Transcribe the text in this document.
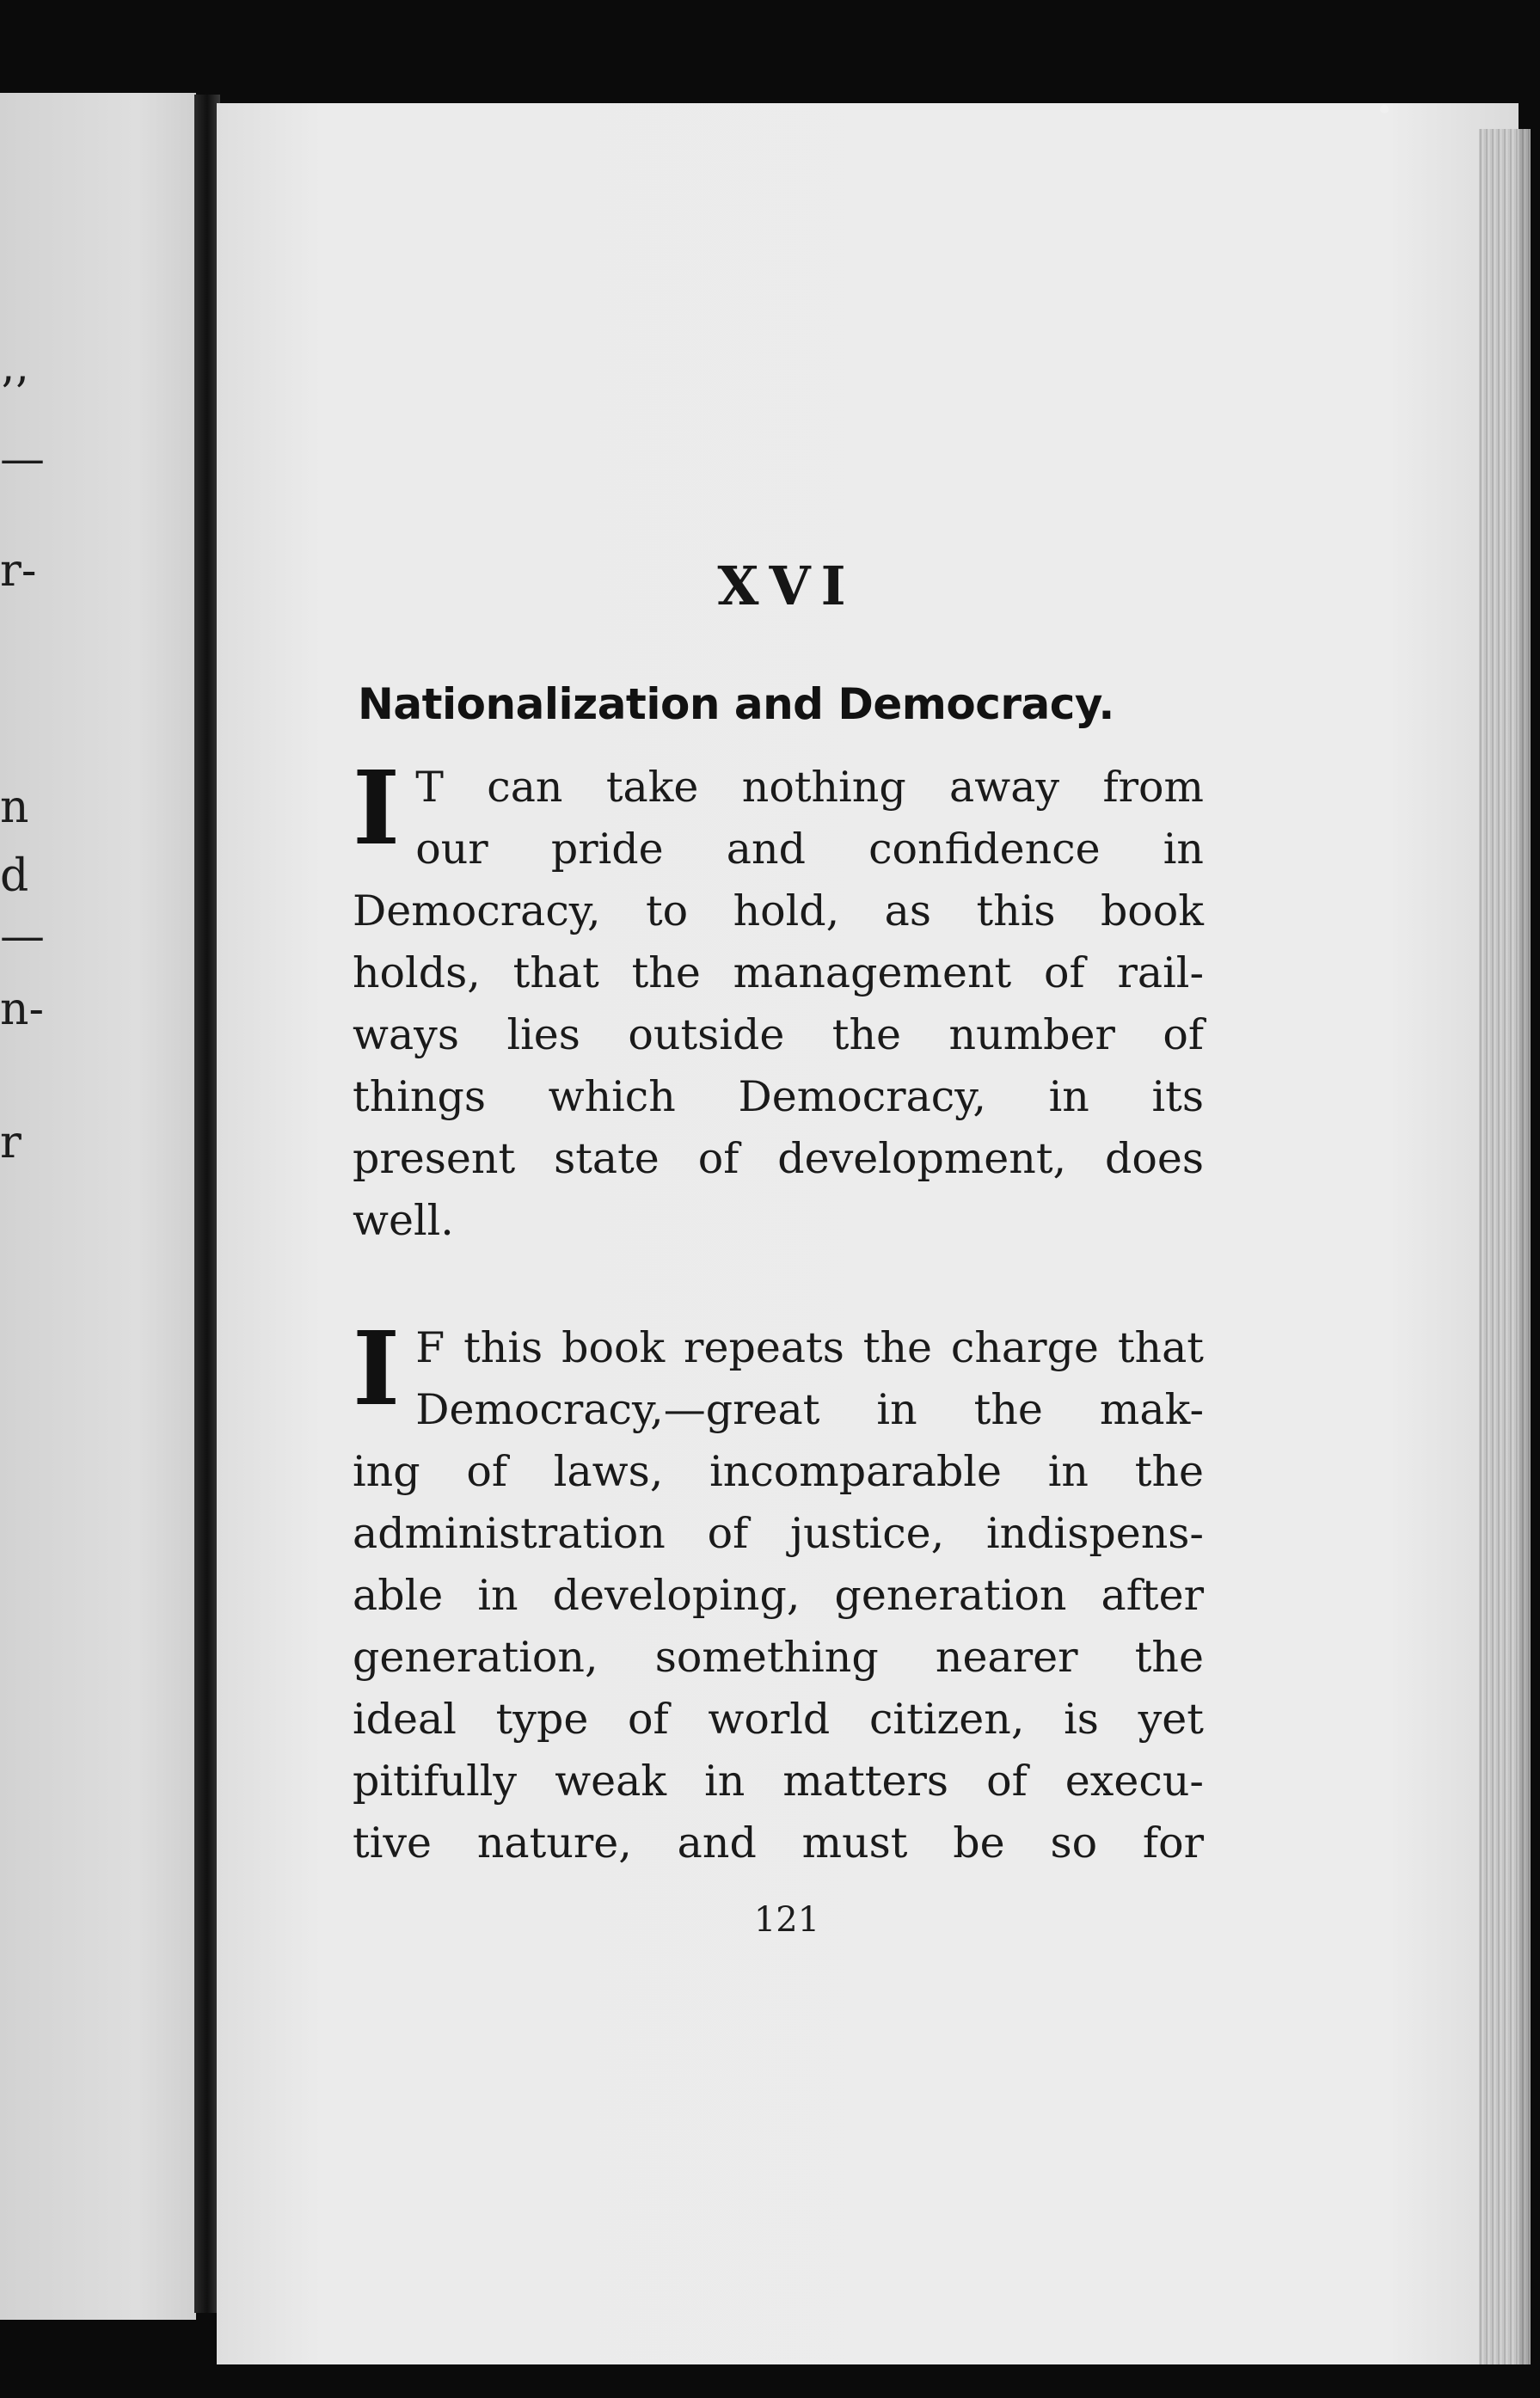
’’

—

r-

n

d

—

n-

r

XVI
Nationalization and Democracy.
I T can take nothing away from
our pride and confidence in
Democracy, to hold, as this book
holds, that the management of rail-
ways lies outside the number of
things which Democracy, in its
present state of development, does
well.
I F this book repeats the charge that
Democracy,—great in the mak-
ing of laws, incomparable in the
administration of justice, indispens-
able in developing, generation after
generation, something nearer the
ideal type of world citizen, is yet
pitifully weak in matters of execu-
tive nature, and must be so for

121
